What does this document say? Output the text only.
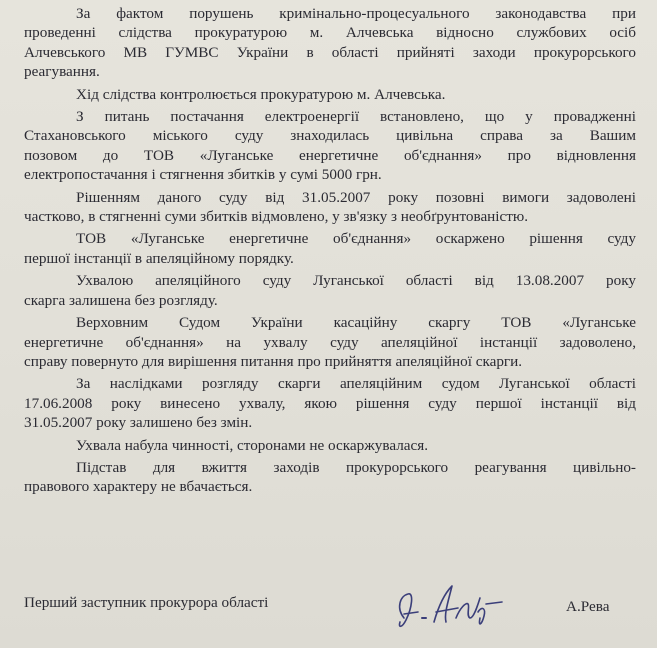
За фактом порушень кримінально-процесуального законодавства при
проведенні слідства прокуратурою м. Алчевська відносно службових осіб
Алчевського МВ ГУМВС України в області прийняті заходи прокурорського
реагування.
Хід слідства контролюється прокуратурою м. Алчевська.
З питань постачання електроенергії встановлено, що у провадженні
Стахановського міського суду знаходилась цивільна справа за Вашим
позовом до ТОВ «Луганське енергетичне об'єднання» про відновлення
електропостачання і стягнення збитків у сумі 5000 грн.
Рішенням даного суду від 31.05.2007 року позовні вимоги задоволені
частково, в стягненні суми збитків відмовлено, у зв'язку з необґрунтованістю.
ТОВ «Луганське енергетичне об'єднання» оскаржено рішення суду
першої інстанції в апеляційному порядку.
Ухвалою апеляційного суду Луганської області від 13.08.2007 року
скарга залишена без розгляду.
Верховним Судом України касаційну скаргу ТОВ «Луганське
енергетичне об'єднання» на ухвалу суду апеляційної інстанції задоволено,
справу повернуто для вирішення питання про прийняття апеляційної скарги.
За наслідками розгляду скарги апеляційним судом Луганської області
17.06.2008 року винесено ухвалу, якою рішення суду першої інстанції від
31.05.2007 року залишено без змін.
Ухвала набула чинності, сторонами не оскаржувалася.
Підстав для вжиття заходів прокурорського реагування цивільно-
правового характеру не вбачається.
Перший заступник прокурора області	А.Рева
